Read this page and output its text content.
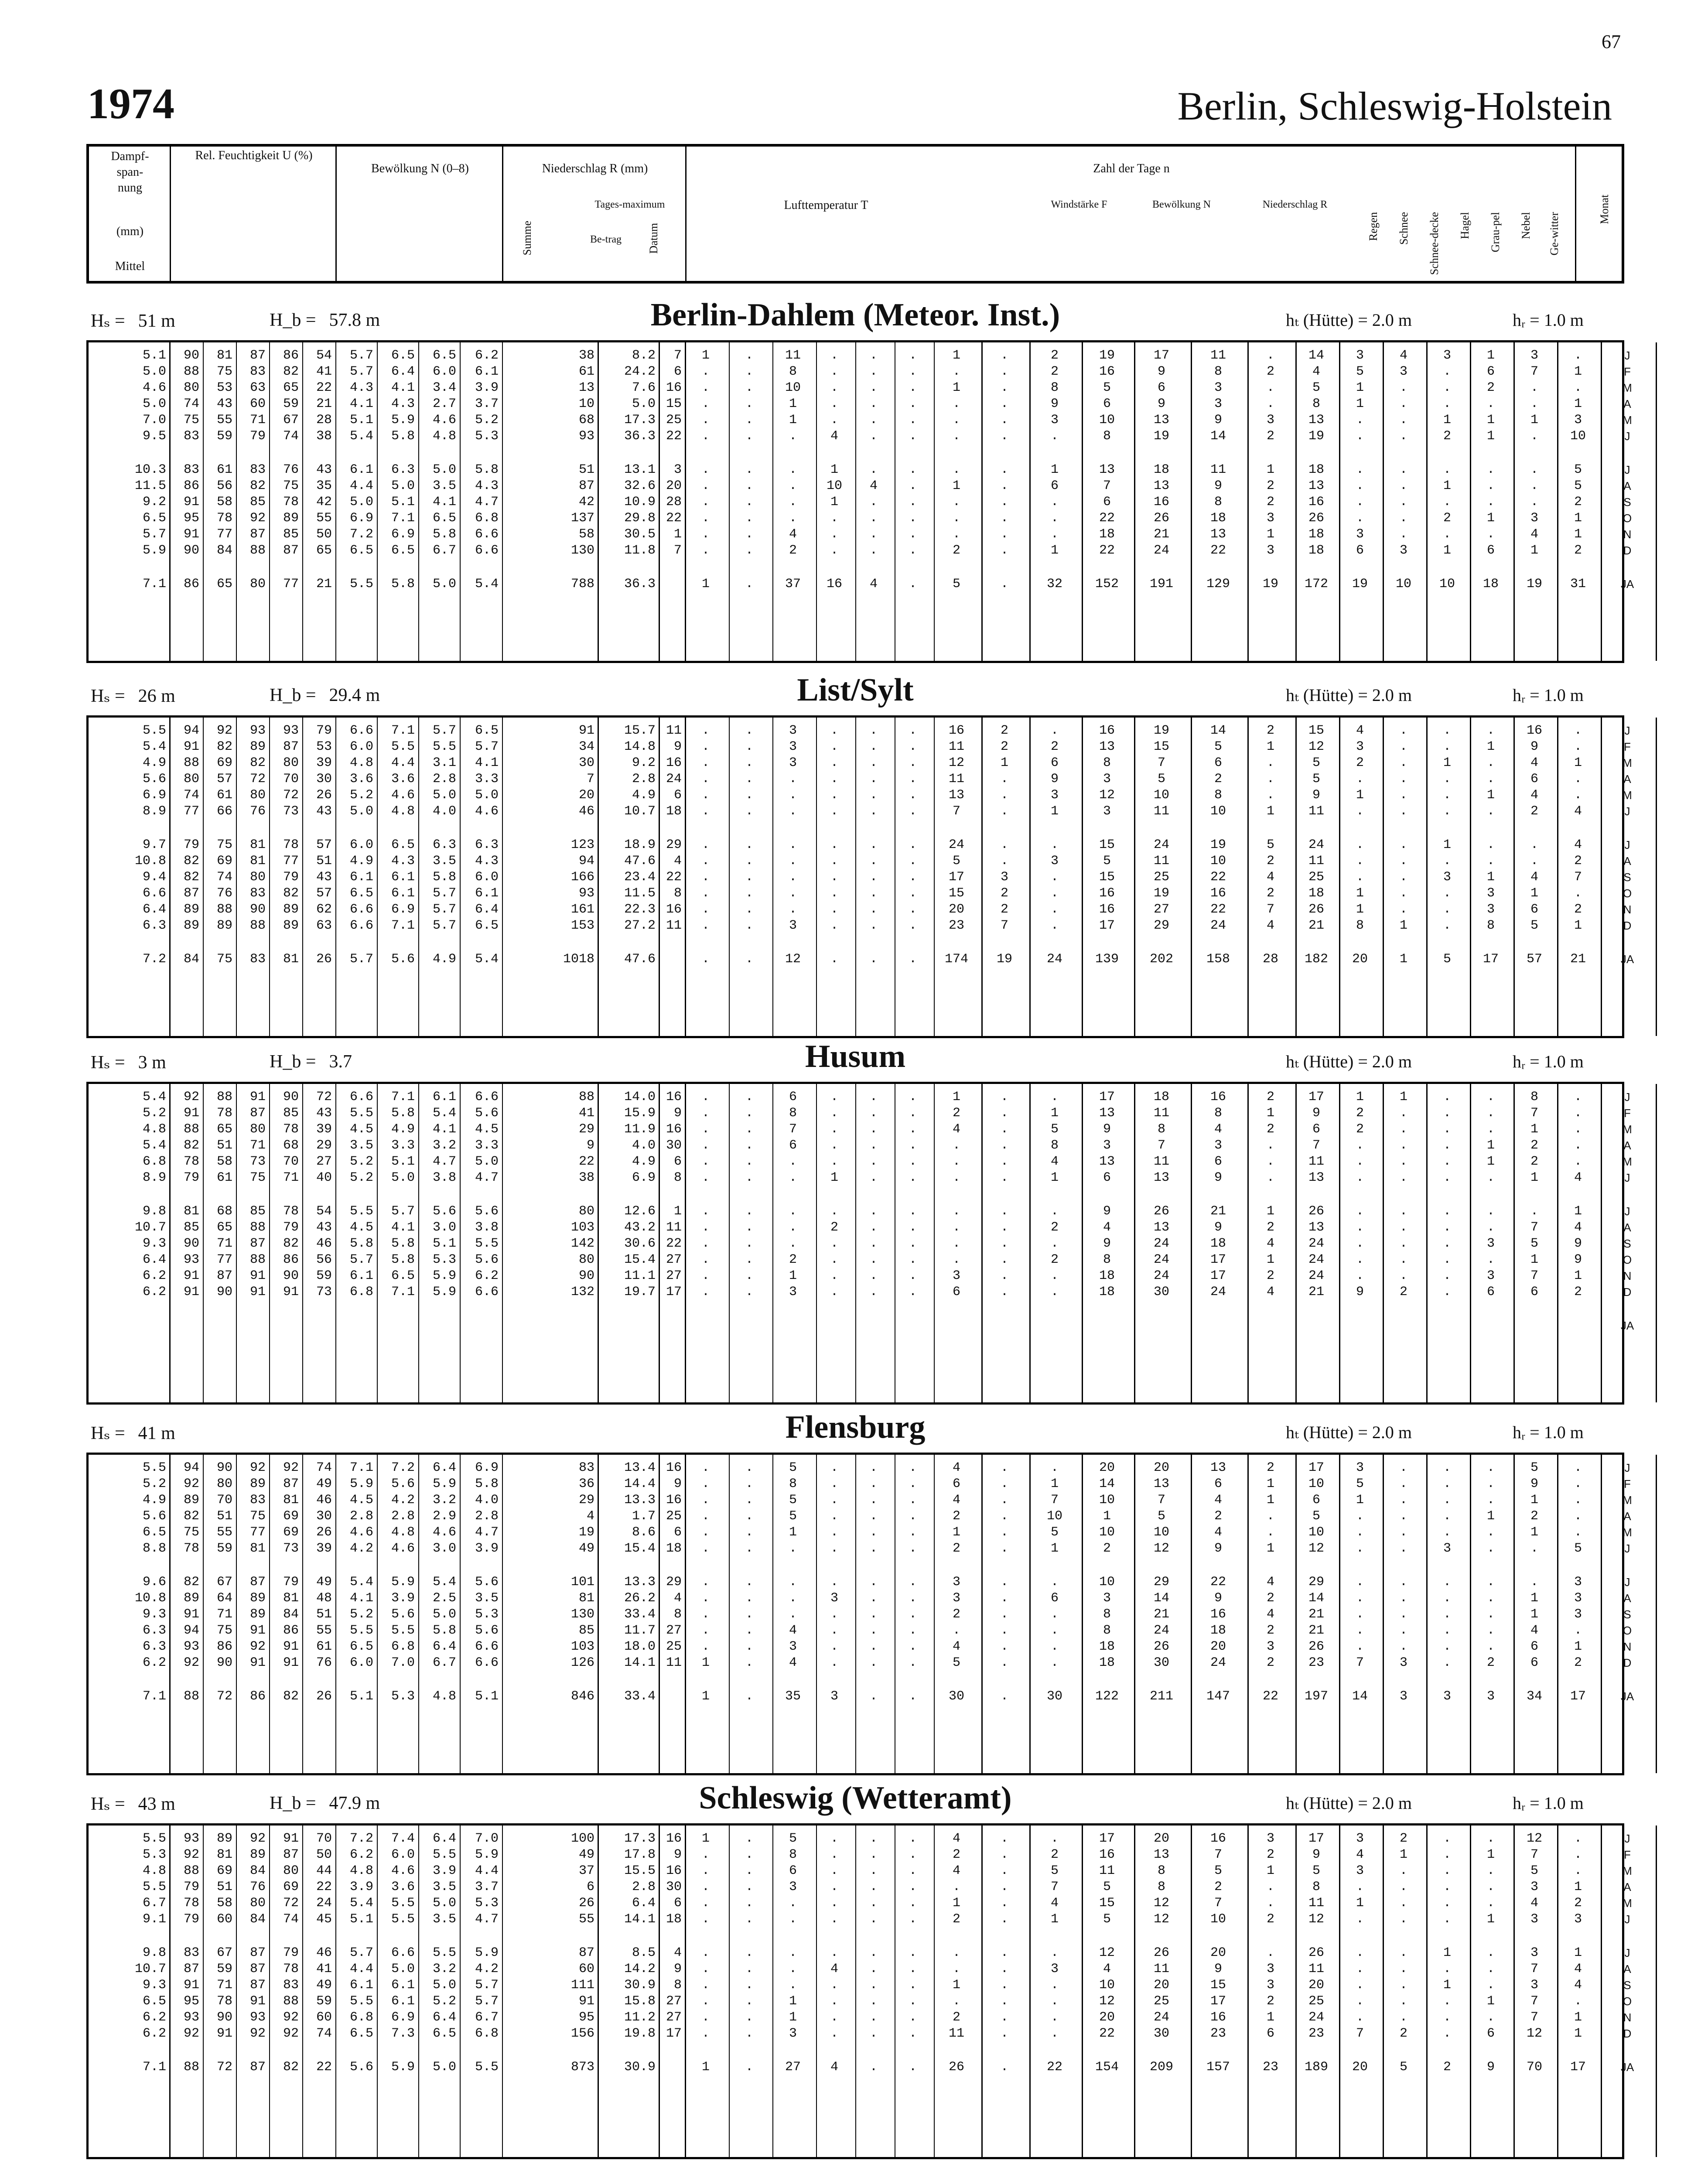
67
1974	Berlin, Schleswig-Holstein
Dampf-
span-
nung
(mm)
Mittel
Rel. Feuchtigkeit U (%)
Bewölkung N (0–8)	Niederschlag R (mm)
Tages-maximum
Summe	Be-trag	Datum
Zahl der Tage n
Lufttemperatur T	Windstärke F	Bewölkung N	Niederschlag R
Regen Schnee Schnee-decke Hagel Grau-pel Nebel Ge-witter
Monat
Hₛ = 51 m	H_b = 57.8 m	Berlin-Dahlem (Meteor. Inst.)	hₜ (Hütte) = 2.0 m	hᵣ = 1.0 m
5.1	90	81	87	86	54	5.7	6.5	6.5	6.2	38	8.2	7	1	.	11	.	.	.	1	.	2	19	17	11	.	14	3	4	3	1	3	.	J
5.0	88	75	83	82	41	5.7	6.4	6.0	6.1	61	24.2	6	.	.	8	.	.	.	.	.	2	16	9	8	2	4	5	3	.	6	7	1	F
4.6	80	53	63	65	22	4.3	4.1	3.4	3.9	13	7.6 16	.	.	10	.	.	.	1	.	8	5	6	3	.	5	1	.	.	2	.	.	M
5.0	74	43	60	59	21	4.1	4.3	2.7	3.7	10	5.0 15	.	.	1	.	.	.	.	.	9	6	9	3	.	8	1	.	.	.	.	1	A
7.0	75	55	71	67	28	5.1	5.9	4.6	5.2	68	17.3 25	.	.	1	.	.	.	.	.	3	10	13	9	3	13	.	.	1	1	1	3	M
9.5	83	59	79	74	38	5.4	5.8	4.8	5.3	93	36.3 22	.	.	.	4	.	.	.	.	.	8	19	14	2	19	.	.	2	1	.	10	J
10.3	83	61	83	76	43	6.1	6.3	5.0	5.8	51	13.1	3	.	.	.	1	.	.	.	.	1	13	18	11	1	18	.	.	.	.	.	5	J
11.5	86	56	82	75	35	4.4	5.0	3.5	4.3	87	32.6 20	.	.	.	10	4	.	1	.	6	7	13	9	2	13	.	.	1	.	.	5	A
9.2	91	58	85	78	42	5.0	5.1	4.1	4.7	42	10.9 28	.	.	.	1	.	.	.	.	.	6	16	8	2	16	.	.	.	.	.	2	S
6.5	95	78	92	89	55	6.9	7.1	6.5	6.8	137	29.8 22	.	.	.	.	.	.	.	.	.	22	26	18	3	26	.	.	2	1	3	1	O
5.7	91	77	87	85	50	7.2	6.9	5.8	6.6	58	30.5	1	.	.	4	.	.	.	.	.	.	18	21	13	1	18	3	.	.	.	4	1	N
5.9	90	84	88	87	65	6.5	6.5	6.7	6.6	130	11.8	7	.	.	2	.	.	.	2	.	1	22	24	22	3	18	6	3	1	6	1	2	D
7.1	86	65	80	77	21	5.5	5.8	5.0	5.4	788	36.3	1	.	37	16	4	.	5	.	32	152	191	129	19	172	19	10	10	18	19	31	JA
Hₛ = 26 m	H_b = 29.4 m	List/Sylt	hₜ (Hütte) = 2.0 m	hᵣ = 1.0 m
5.5	94	92	93	93	79	6.6	7.1	5.7	6.5	91	15.7 11	.	.	3	.	.	.	16	2	.	16	19	14	2	15	4	.	.	.	16	.	J
5.4	91	82	89	87	53	6.0	5.5	5.5	5.7	34	14.8	9	.	.	3	.	.	.	11	2	2	13	15	5	1	12	3	.	.	1	9	.	F
4.9	88	69	82	80	39	4.8	4.4	3.1	4.1	30	9.2 16	.	.	3	.	.	.	12	1	6	8	7	6	.	5	2	.	1	.	4	1	M
5.6	80	57	72	70	30	3.6	3.6	2.8	3.3	7	2.8 24	.	.	.	.	.	.	11	.	9	3	5	2	.	5	.	.	.	.	6	.	A
6.9	74	61	80	72	26	5.2	4.6	5.0	5.0	20	4.9	6	.	.	.	.	.	.	13	.	3	12	10	8	.	9	1	.	.	1	4	.	M
8.9	77	66	76	73	43	5.0	4.8	4.0	4.6	46	10.7 18	.	.	.	.	.	.	7	.	1	3	11	10	1	11	.	.	.	.	2	4	J
9.7	79	75	81	78	57	6.0	6.5	6.3	6.3	123	18.9 29	.	.	.	.	.	.	24	.	.	15	24	19	5	24	.	.	1	.	.	4	J
10.8	82	69	81	77	51	4.9	4.3	3.5	4.3	94	47.6	4	.	.	.	.	.	.	5	.	3	5	11	10	2	11	.	.	.	.	.	2	A
9.4	82	74	80	79	43	6.1	6.1	5.8	6.0	166	23.4 22	.	.	.	.	.	.	17	3	.	15	25	22	4	25	.	.	3	1	4	7	S
6.6	87	76	83	82	57	6.5	6.1	5.7	6.1	93	11.5	8	.	.	.	.	.	.	15	2	.	16	19	16	2	18	1	.	.	3	1	.	O
6.4	89	88	90	89	62	6.6	6.9	5.7	6.4	161	22.3 16	.	.	.	.	.	.	20	2	.	16	27	22	7	26	1	.	.	3	6	2	N
6.3	89	89	88	89	63	6.6	7.1	5.7	6.5	153	27.2 11	.	.	3	.	.	.	23	7	.	17	29	24	4	21	8	1	.	8	5	1	D
7.2	84	75	83	81	26	5.7	5.6	4.9	5.4	1018	47.6	.	.	12	.	.	.	174	19	24	139	202	158	28	182	20	1	5	17	57	21	JA
Hₛ = 3 m	H_b = 3.7	Husum	hₜ (Hütte) = 2.0 m	hᵣ = 1.0 m
5.4	92	88	91	90	72	6.6	7.1	6.1	6.6	88	14.0 16	.	.	6	.	.	.	1	.	.	17	18	16	2	17	1	1	.	.	8	.	J
5.2	91	78	87	85	43	5.5	5.8	5.4	5.6	41	15.9	9	.	.	8	.	.	.	2	.	1	13	11	8	1	9	2	.	.	.	7	.	F
4.8	88	65	80	78	39	4.5	4.9	4.1	4.5	29	11.9 16	.	.	7	.	.	.	4	.	5	9	8	4	2	6	2	.	.	.	1	.	M
5.4	82	51	71	68	29	3.5	3.3	3.2	3.3	9	4.0 30	.	.	6	.	.	.	.	.	8	3	7	3	.	7	.	.	.	1	2	.	A
6.8	78	58	73	70	27	5.2	5.1	4.7	5.0	22	4.9	6	.	.	.	.	.	.	.	.	4	13	11	6	.	11	.	.	.	1	2	.	M
8.9	79	61	75	71	40	5.2	5.0	3.8	4.7	38	6.9	8	.	.	.	1	.	.	.	.	1	6	13	9	.	13	.	.	.	.	1	4	J
9.8	81	68	85	78	54	5.5	5.7	5.6	5.6	80	12.6	1	.	.	.	.	.	.	.	.	.	9	26	21	1	26	.	.	.	.	.	1	J
10.7	85	65	88	79	43	4.5	4.1	3.0	3.8	103	43.2 11	.	.	.	2	.	.	.	.	2	4	13	9	2	13	.	.	.	.	7	4	A
9.3	90	71	87	82	46	5.8	5.8	5.1	5.5	142	30.6 22	.	.	.	.	.	.	.	.	.	9	24	18	4	24	.	.	.	3	5	9	S
6.4	93	77	88	86	56	5.7	5.8	5.3	5.6	80	15.4 27	.	.	2	.	.	.	.	.	2	8	24	17	1	24	.	.	.	.	1	9	O
6.2	91	87	91	90	59	6.1	6.5	5.9	6.2	90	11.1 27	.	.	1	.	.	.	3	.	.	18	24	17	2	24	.	.	.	3	7	1	N
6.2	91	90	91	91	73	6.8	7.1	5.9	6.6	132	19.7 17	.	.	3	.	.	.	6	.	.	18	30	24	4	21	9	2	.	6	6	2	D
JA
Hₛ = 41 m	Flensburg	hₜ (Hütte) = 2.0 m	hᵣ = 1.0 m
5.5	94	90	92	92	74	7.1	7.2	6.4	6.9	83	13.4 16	.	.	5	.	.	.	4	.	.	20	20	13	2	17	3	.	.	.	5	.	J
5.2	92	80	89	87	49	5.9	5.6	5.9	5.8	36	14.4	9	.	.	8	.	.	.	6	.	1	14	13	6	1	10	5	.	.	.	9	.	F
4.9	89	70	83	81	46	4.5	4.2	3.2	4.0	29	13.3 16	.	.	5	.	.	.	4	.	7	10	7	4	1	6	1	.	.	.	1	.	M
5.6	82	51	75	69	30	2.8	2.8	2.9	2.8	4	1.7 25	.	.	5	.	.	.	2	.	10	1	5	2	.	5	.	.	.	1	2	.	A
6.5	75	55	77	69	26	4.6	4.8	4.6	4.7	19	8.6	6	.	.	1	.	.	.	1	.	5	10	10	4	.	10	.	.	.	.	1	.	M
8.8	78	59	81	73	39	4.2	4.6	3.0	3.9	49	15.4 18	.	.	.	.	.	.	2	.	1	2	12	9	1	12	.	.	3	.	.	5	J
9.6	82	67	87	79	49	5.4	5.9	5.4	5.6	101	13.3 29	.	.	.	.	.	.	3	.	.	10	29	22	4	29	.	.	.	.	.	3	J
10.8	89	64	89	81	48	4.1	3.9	2.5	3.5	81	26.2	4	.	.	.	3	.	.	3	.	6	3	14	9	2	14	.	.	.	.	1	3	A
9.3	91	71	89	84	51	5.2	5.6	5.0	5.3	130	33.4	8	.	.	.	.	.	.	2	.	.	8	21	16	4	21	.	.	.	.	1	3	S
6.3	94	75	91	86	55	5.5	5.5	5.8	5.6	85	11.7 27	.	.	4	.	.	.	.	.	.	8	24	18	2	21	.	.	.	.	4	.	O
6.3	93	86	92	91	61	6.5	6.8	6.4	6.6	103	18.0 25	.	.	3	.	.	.	4	.	.	18	26	20	3	26	.	.	.	.	6	1	N
6.2	92	90	91	91	76	6.0	7.0	6.7	6.6	126	14.1 11	1	.	4	.	.	.	5	.	.	18	30	24	2	23	7	3	.	2	6	2	D
7.1	88	72	86	82	26	5.1	5.3	4.8	5.1	846	33.4	1	.	35	3	.	.	30	.	30	122	211	147	22	197	14	3	3	3	34	17	JA
Hₛ = 43 m	H_b = 47.9 m	Schleswig (Wetteramt)	hₜ (Hütte) = 2.0 m	hᵣ = 1.0 m
5.5	93	89	92	91	70	7.2	7.4	6.4	7.0	100	17.3 16	1	.	5	.	.	.	4	.	.	17	20	16	3	17	3	2	.	.	12	.	J
5.3	92	81	89	87	50	6.2	6.0	5.5	5.9	49	17.8	9	.	.	8	.	.	.	2	.	2	16	13	7	2	9	4	1	.	1	7	.	F
4.8	88	69	84	80	44	4.8	4.6	3.9	4.4	37	15.5 16	.	.	6	.	.	.	4	.	5	11	8	5	1	5	3	.	.	.	5	.	M
5.5	79	51	76	69	22	3.9	3.6	3.5	3.7	6	2.8 30	.	.	3	.	.	.	.	.	7	5	8	2	.	8	.	.	.	.	3	1	A
6.7	78	58	80	72	24	5.4	5.5	5.0	5.3	26	6.4	6	.	.	.	.	.	.	1	.	4	15	12	7	.	11	1	.	.	.	4	2	M
9.1	79	60	84	74	45	5.1	5.5	3.5	4.7	55	14.1 18	.	.	.	.	.	.	2	.	1	5	12	10	2	12	.	.	.	1	3	3	J
9.8	83	67	87	79	46	5.7	6.6	5.5	5.9	87	8.5	4	.	.	.	.	.	.	.	.	.	12	26	20	.	26	.	.	1	.	3	1	J
10.7	87	59	87	78	41	4.4	5.0	3.2	4.2	60	14.2	9	.	.	.	4	.	.	.	.	3	4	11	9	3	11	.	.	.	.	7	4	A
9.3	91	71	87	83	49	6.1	6.1	5.0	5.7	111	30.9	8	.	.	.	.	.	.	1	.	.	10	20	15	3	20	.	.	1	.	3	4	S
6.5	95	78	91	88	59	5.5	6.1	5.2	5.7	91	15.8 27	.	.	1	.	.	.	.	.	.	12	25	17	2	25	.	.	.	1	7	.	O
6.2	93	90	93	92	60	6.8	6.9	6.4	6.7	95	11.2 27	.	.	1	.	.	.	2	.	.	20	24	16	1	24	.	.	.	.	7	1	N
6.2	92	91	92	92	74	6.5	7.3	6.5	6.8	156	19.8 17	.	.	3	.	.	.	11	.	.	22	30	23	6	23	7	2	.	6	12	1	D
7.1	88	72	87	82	22	5.6	5.9	5.0	5.5	873	30.9	1	.	27	4	.	.	26	.	22	154	209	157	23	189	20	5	2	9	70	17	JA
